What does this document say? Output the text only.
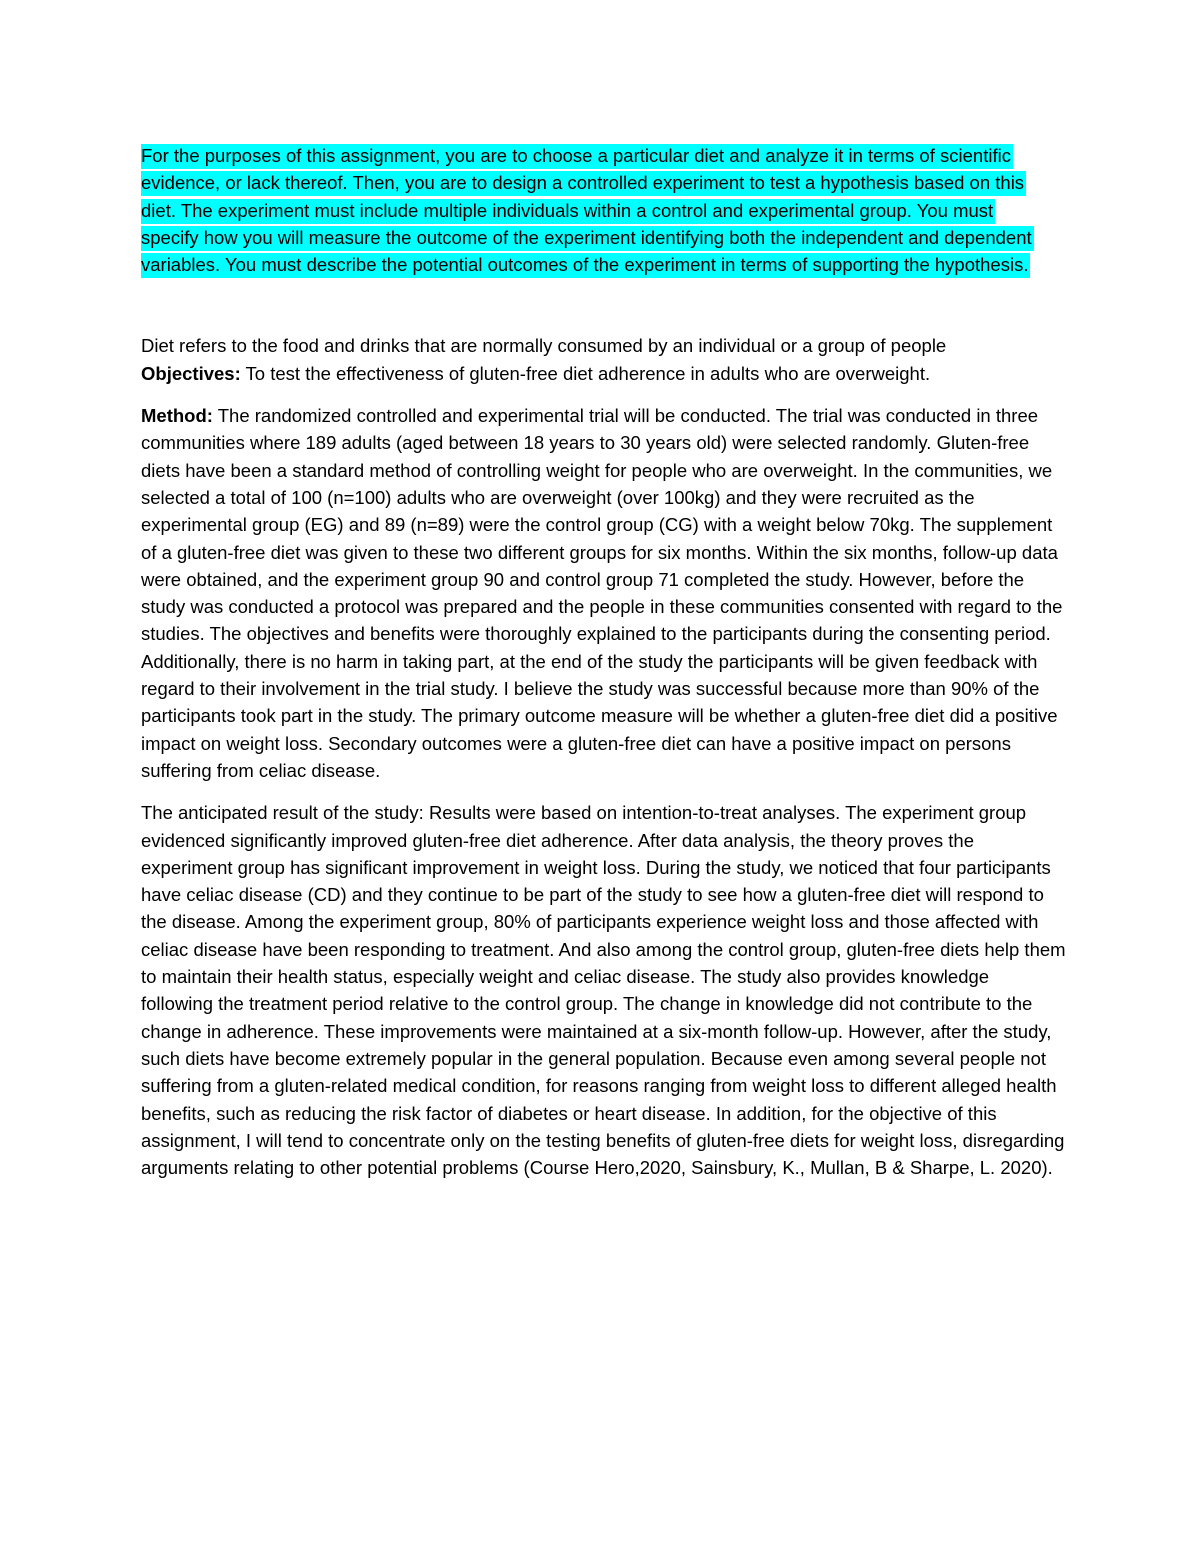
For the purposes of this assignment, you are to choose a particular diet and analyze it in terms of scientific evidence, or lack thereof. Then, you are to design a controlled experiment to test a hypothesis based on this diet. The experiment must include multiple individuals within a control and experimental group. You must specify how you will measure the outcome of the experiment identifying both the independent and dependent variables. You must describe the potential outcomes of the experiment in terms of supporting the hypothesis.

Diet refers to the food and drinks that are normally consumed by an individual or a group of people

Objectives: To test the effectiveness of gluten-free diet adherence in adults who are overweight.

Method: The randomized controlled and experimental trial will be conducted. The trial was conducted in three communities where 189 adults (aged between 18 years to 30 years old) were selected randomly. Gluten-free diets have been a standard method of controlling weight for people who are overweight. In the communities, we selected a total of 100 (n=100) adults who are overweight (over 100kg) and they were recruited as the experimental group (EG) and 89 (n=89) were the control group (CG) with a weight below 70kg. The supplement of a gluten-free diet was given to these two different groups for six months. Within the six months, follow-up data were obtained, and the experiment group 90 and control group 71 completed the study. However, before the study was conducted a protocol was prepared and the people in these communities consented with regard to the studies. The objectives and benefits were thoroughly explained to the participants during the consenting period. Additionally, there is no harm in taking part, at the end of the study the participants will be given feedback with regard to their involvement in the trial study. I believe the study was successful because more than 90% of the participants took part in the study. The primary outcome measure will be whether a gluten-free diet did a positive impact on weight loss. Secondary outcomes were a gluten-free diet can have a positive impact on persons suffering from celiac disease.

The anticipated result of the study: Results were based on intention-to-treat analyses. The experiment group evidenced significantly improved gluten-free diet adherence. After data analysis, the theory proves the experiment group has significant improvement in weight loss. During the study, we noticed that four participants have celiac disease (CD) and they continue to be part of the study to see how a gluten-free diet will respond to the disease. Among the experiment group, 80% of participants experience weight loss and those affected with celiac disease have been responding to treatment. And also among the control group, gluten-free diets help them to maintain their health status, especially weight and celiac disease. The study also provides knowledge following the treatment period relative to the control group. The change in knowledge did not contribute to the change in adherence. These improvements were maintained at a six-month follow-up. However, after the study, such diets have become extremely popular in the general population. Because even among several people not suffering from a gluten-related medical condition, for reasons ranging from weight loss to different alleged health benefits, such as reducing the risk factor of diabetes or heart disease. In addition, for the objective of this assignment, I will tend to concentrate only on the testing benefits of gluten-free diets for weight loss, disregarding arguments relating to other potential problems (Course Hero,2020, Sainsbury, K., Mullan, B & Sharpe, L. 2020).
